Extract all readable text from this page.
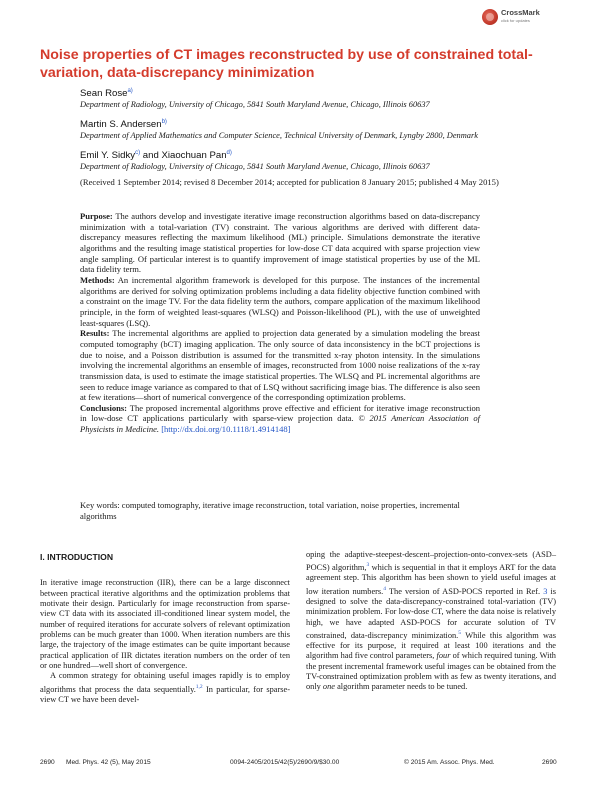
CrossMark
click for updates
Noise properties of CT images reconstructed by use of constrained total-variation, data-discrepancy minimization
Sean Rose$^{a)}$
Department of Radiology, University of Chicago, 5841 South Maryland Avenue, Chicago, Illinois 60637
Martin S. Andersen$^{b)}$
Department of Applied Mathematics and Computer Science, Technical University of Denmark, Lyngby 2800, Denmark
Emil Y. Sidky$^{c)}$ and Xiaochuan Pan$^{d)}$
Department of Radiology, University of Chicago, 5841 South Maryland Avenue, Chicago, Illinois 60637
(Received 1 September 2014; revised 8 December 2014; accepted for publication 8 January 2015; published 4 May 2015)

Purpose: The authors develop and investigate iterative image reconstruction algorithms based on data-discrepancy minimization with a total-variation (TV) constraint. The various algorithms are derived with different data-discrepancy measures reflecting the maximum likelihood (ML) principle. Simulations demonstrate the iterative algorithms and the resulting image statistical properties for low-dose CT data acquired with sparse projection view angle sampling. Of particular interest is to quantify improvement of image statistical properties by use of the ML data fidelity term.

Methods: An incremental algorithm framework is developed for this purpose. The instances of the incremental algorithms are derived for solving optimization problems including a data fidelity objective function combined with a constraint on the image TV. For the data fidelity term the authors, compare application of the maximum likelihood principle, in the form of weighted least-squares (WLSQ) and Poisson-likelihood (PL), with the use of unweighted least-squares (LSQ).

Results: The incremental algorithms are applied to projection data generated by a simulation modeling the breast computed tomography (bCT) imaging application. The only source of data inconsistency in the bCT projections is due to noise, and a Poisson distribution is assumed for the transmitted x-ray photon intensity. In the simulations involving the incremental algorithms an ensemble of images, reconstructed from 1000 noise realizations of the x-ray transmission data, is used to estimate the image statistical properties. The WLSQ and PL incremental algorithms are seen to reduce image variance as compared to that of LSQ without sacrificing image bias. The difference is also seen at few iterations—short of numerical convergence of the corresponding optimization problems.

Conclusions: The proposed incremental algorithms prove effective and efficient for iterative image reconstruction in low-dose CT applications particularly with sparse-view projection data. © 2015 American Association of Physicists in Medicine. [http://dx.doi.org/10.1118/1.4914148]

Key words: computed tomography, iterative image reconstruction, total variation, noise properties, incremental algorithms
I. INTRODUCTION

In iterative image reconstruction (IIR), there can be a large disconnect between practical iterative algorithms and the optimization problems that motivate their design. Particularly for image reconstruction from sparse-view CT data with its associated ill-conditioned linear system model, the number of required iterations for accurate solvers of relevant optimization problems can be much greater than 1000. When iteration numbers are this large, the trajectory of the image estimates can be quite important because practical application of IIR dictates iteration numbers on the order of ten or one hundred—well short of convergence.

A common strategy for obtaining useful images rapidly is to employ algorithms that process the data sequentially.$^{1,2}$ In particular, for sparse-view CT we have been devel-

oping the adaptive-steepest-descent–projection-onto-convex-sets (ASD–POCS) algorithm,$^3$ which is sequential in that it employs ART for the data agreement step. This algorithm has been shown to yield useful images at low iteration numbers.$^4$ The version of ASD-POCS reported in Ref. 3 is designed to solve the data-discrepancy-constrained total-variation (TV) minimization problem. For low-dose CT, where the data noise is relatively high, we have adapted ASD-POCS for accurate solution of TV constrained, data-discrepancy minimization.$^5$ While this algorithm was effective for its purpose, it required at least 100 iterations and the algorithm had five control parameters, four of which required tuning. With the present incremental framework useful images can be obtained from the TV-constrained optimization problem with as few as twenty iterations, and only one algorithm parameter needs to be tuned.

2690 Med. Phys. 42 (5), May 2015	0094-2405/2015/42(5)/2690/9/$30.00	© 2015 Am. Assoc. Phys. Med.	2690
